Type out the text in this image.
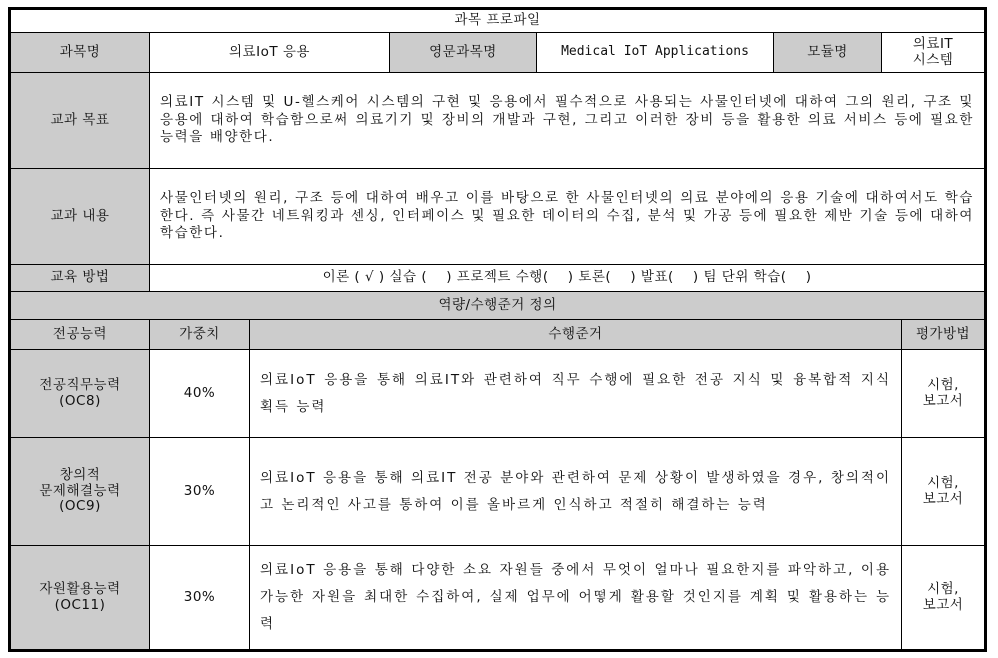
과목 프로파일							
과목명	의료IoT 응용		영문과목명	Medical IoT Applications	모듈명	의료IT
시스템	

교과 목표	의료IT 시스템 및 U-헬스케어 시스템의 구현 및 응용에서 필수적으로 사용되는 사물인터넷에 대하여 그의 원리, 구조 및 응용에 대하여 학습함으로써 의료기기 및 장비의 개발과 구현, 그리고 이러한 장비 등을 활용한 의료 서비스 등에 필요한 능력을 배양한다.						
교과 내용	사물인터넷의 원리, 구조 등에 대하여 배우고 이를 바탕으로 한 사물인터넷의 의료 분야에의 응용 기술에 대하여서도 학습한다. 즉 사물간 네트워킹과 센싱, 인터페이스 및 필요한 데이터의 수집, 분석 및 가공 등에 필요한 제반 기술 등에 대하여 학습한다.						
교육 방법	이론 ( √ ) 실습 (    ) 프로젝트 수행(    ) 토론(    ) 발표(    ) 팀 단위 학습(    )						
역량/수행준거 정의							
전공능력	가중치	수행준거					평가방법

전공직무능력
(OC8)	40%	의료IoT 응용을 통해 의료IT와 관련하여 직무 수행에 필요한 전공 지식 및 융복합적 지식 획득 능력					시험,
보고서

창의적
문제해결능력
(OC9)	30%	의료IoT 응용을 통해 의료IT 전공 분야와 관련하여 문제 상황이 발생하였을 경우, 창의적이고 논리적인 사고를 통하여 이를 올바르게 인식하고 적절히 해결하는 능력					시험,
보고서

자원활용능력
(OC11)	30%	의료IoT 응용을 통해 다양한 소요 자원들 중에서 무엇이 얼마나 필요한지를 파악하고, 이용 가능한 자원을 최대한 수집하여, 실제 업무에 어떻게 활용할 것인지를 계획 및 활용하는 능력					시험,
보고서
